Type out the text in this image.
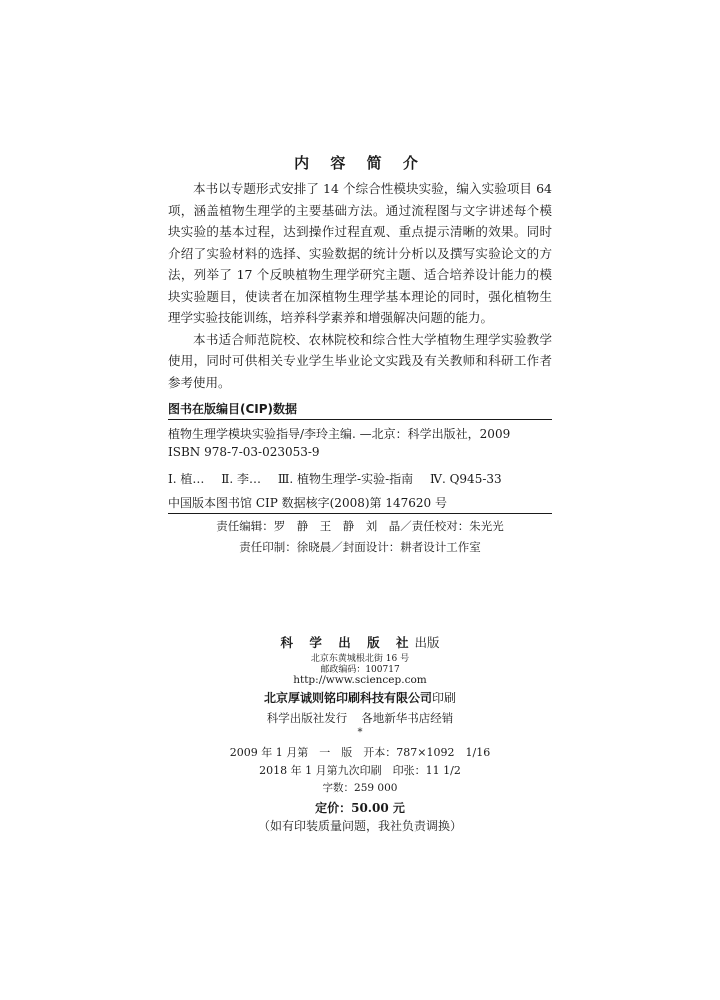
内 容 简 介

本书以专题形式安排了 14 个综合性模块实验，编入实验项目 64 项，涵盖植物生理学的主要基础方法。通过流程图与文字讲述每个模块实验的基本过程，达到操作过程直观、重点提示清晰的效果。同时介绍了实验材料的选择、实验数据的统计分析以及撰写实验论文的方法，列举了 17 个反映植物生理学研究主题、适合培养设计能力的模块实验题目，使读者在加深植物生理学基本理论的同时，强化植物生理学实验技能训练，培养科学素养和增强解决问题的能力。

本书适合师范院校、农林院校和综合性大学植物生理学实验教学使用，同时可供相关专业学生毕业论文实践及有关教师和科研工作者参考使用。

图书在版编目(CIP)数据
植物生理学模块实验指导/李玲主编. —北京：科学出版社，2009
ISBN 978-7-03-023053-9
Ⅰ. 植… Ⅱ. 李… Ⅲ. 植物生理学-实验-指南 Ⅳ. Q945-33
中国版本图书馆 CIP 数据核字(2008)第 147620 号
责任编辑：罗　静　王　静　刘　晶／责任校对：朱光光
责任印制：徐晓晨／封面设计：耕者设计工作室
科 学 出 版 社出版
北京东黄城根北街 16 号
邮政编码：100717
http://www.sciencep.com
北京厚诚则铭印刷科技有限公司印刷
科学出版社发行 各地新华书店经销
*
2009 年 1 月第　一　版　开本：787×1092　1/16
2018 年 1 月第九次印刷　印张：11 1/2
字数：259 000
定价：50.00 元
（如有印装质量问题，我社负责调换）
